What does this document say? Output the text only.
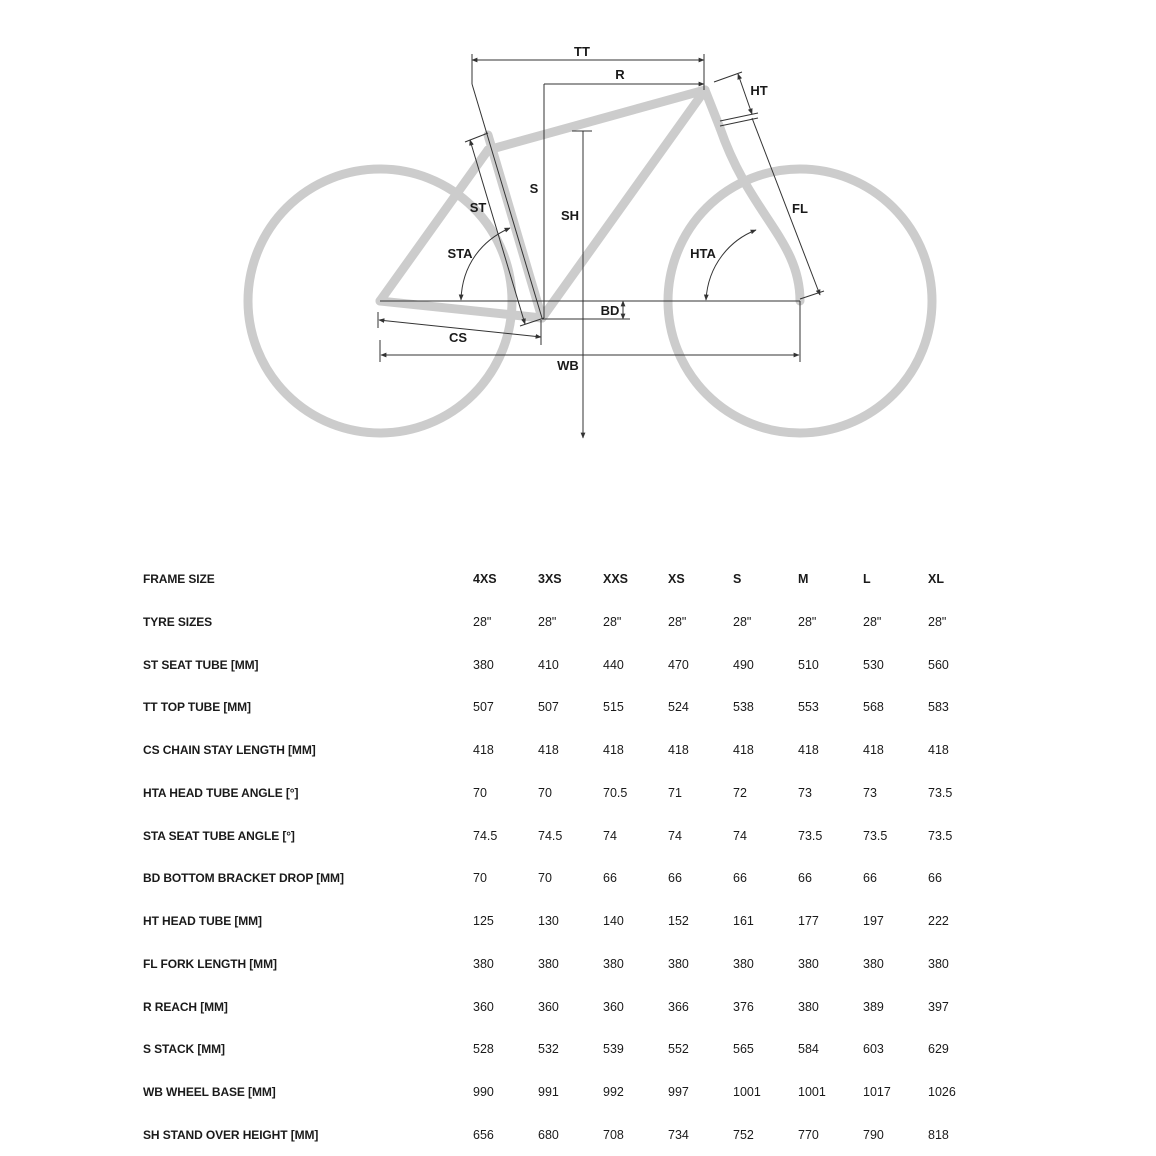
TT
R
HT
S
ST
SH	FL
STA	HTA
BD
CS
WB
FRAME SIZE	4XS	3XS	XXS	XS	S	M	L	XL
TYRE SIZES	28"	28"	28"	28"	28"	28"	28"	28"
ST SEAT TUBE [MM]	380	410	440	470	490	510	530	560
TT TOP TUBE [MM]	507	507	515	524	538	553	568	583
CS CHAIN STAY LENGTH [MM]	418	418	418	418	418	418	418	418
HTA HEAD TUBE ANGLE [°]	70	70	70.5	71	72	73	73	73.5
STA SEAT TUBE ANGLE [°]	74.5	74.5	74	74	74	73.5	73.5	73.5
BD BOTTOM BRACKET DROP [MM]	70	70	66	66	66	66	66	66
HT HEAD TUBE [MM]	125	130	140	152	161	177	197	222
FL FORK LENGTH [MM]	380	380	380	380	380	380	380	380
R REACH [MM]	360	360	360	366	376	380	389	397
S STACK [MM]	528	532	539	552	565	584	603	629
WB WHEEL BASE [MM]	990	991	992	997	1001	1001	1017	1026
SH STAND OVER HEIGHT [MM]	656	680	708	734	752	770	790	818
